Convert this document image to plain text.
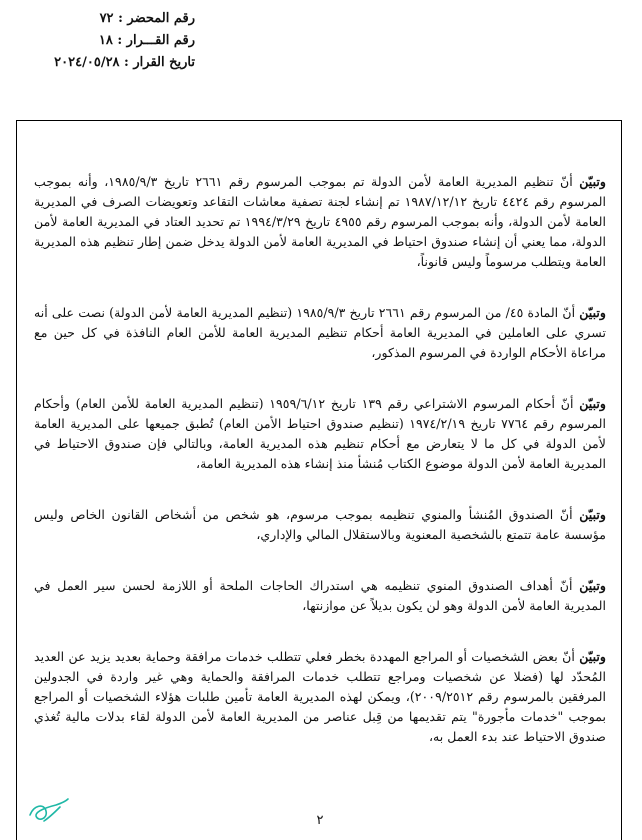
رقم المحضر : ٧٢
رقم القـــرار : ١٨
تاريخ القرار : ٢٠٢٤/٠٥/٢٨

وتبيّن أنّ تنظيم المديرية العامة لأمن الدولة تم بموجب المرسوم رقم ٢٦٦١ تاريخ ١٩٨٥/٩/٣، وأنه بموجب المرسوم رقم ٤٤٢٤ تاريخ ١٩٨٧/١٢/١٢ تم إنشاء لجنة تصفية معاشات التقاعد وتعويضات الصرف في المديرية العامة لأمن الدولة، وأنه بموجب المرسوم رقم ٤٩٥٥ تاريخ ١٩٩٤/٣/٢٩ تم تحديد العتاد في المديرية العامة لأمن الدولة، مما يعني أن إنشاء صندوق احتياط في المديرية العامة لأمن الدولة يدخل ضمن إطار تنظيم هذه المديرية العامة ويتطلب مرسوماً وليس قانوناً،

وتبيّن أنّ المادة ٤٥/ من المرسوم رقم ٢٦٦١ تاريخ ١٩٨٥/٩/٣ (تنظيم المديرية العامة لأمن الدولة) نصت على أنه تسري على العاملين في المديرية العامة أحكام تنظيم المديرية العامة للأمن العام النافذة في كل حين مع مراعاة الأحكام الواردة في المرسوم المذكور،

وتبيّن أنّ أحكام المرسوم الاشتراعي رقم ١٣٩ تاريخ ١٩٥٩/٦/١٢ (تنظيم المديرية العامة للأمن العام) وأحكام المرسوم رقم ٧٧٦٤ تاريخ ١٩٧٤/٢/١٩ (تنظيم صندوق احتياط الأمن العام) تُطبق جميعها على المديرية العامة لأمن الدولة في كل ما لا يتعارض مع أحكام تنظيم هذه المديرية العامة، وبالتالي فإن صندوق الاحتياط في المديرية العامة لأمن الدولة موضوع الكتاب مُنشأ منذ إنشاء هذه المديرية العامة،

وتبيّن أنّ الصندوق المُنشأ والمنوي تنظيمه بموجب مرسوم، هو شخص من أشخاص القانون الخاص وليس مؤسسة عامة تتمتع بالشخصية المعنوية وبالاستقلال المالي والإداري،

وتبيّن أنّ أهداف الصندوق المنوي تنظيمه هي استدراك الحاجات الملحة أو اللازمة لحسن سير العمل في المديرية العامة لأمن الدولة وهو لن يكون بديلاً عن موازنتها،

وتبيّن أنّ بعض الشخصيات أو المراجع المهددة بخطر فعلي تتطلب خدمات مرافقة وحماية بعديد يزيد عن العديد المُحدّد لها (فضلا عن شخصيات ومراجع تتطلب خدمات المرافقة والحماية وهي غير واردة في الجدولين المرفقين بالمرسوم رقم ٢٠٠٩/٢٥١٢)، ويمكن لهذه المديرية العامة تأمين طلبات هؤلاء الشخصيات أو المراجع بموجب "خدمات مأجورة" يتم تقديمها من قِبل عناصر من المديرية العامة لأمن الدولة لقاء بدلات مالية تُغذي صندوق الاحتياط عند بدء العمل به،

٢
